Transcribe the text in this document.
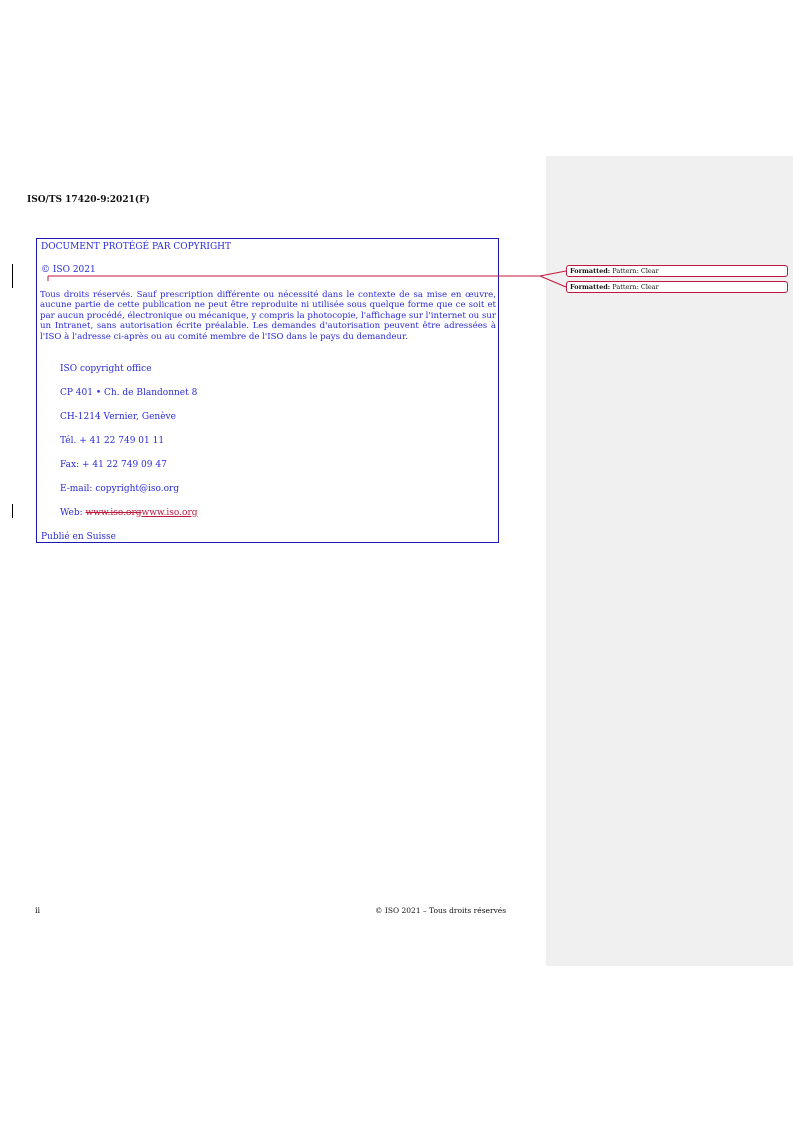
ISO/TS 17420-9:2021(F)
DOCUMENT PROTÉGÉ PAR COPYRIGHT
© ISO 2021
Tous droits réservés. Sauf prescription différente ou nécessité dans le contexte de sa mise en œuvre, aucune partie de cette publication ne peut être reproduite ni utilisée sous quelque forme que ce soit et par aucun procédé, électronique ou mécanique, y compris la photocopie, l'affichage sur l'internet ou sur un Intranet, sans autorisation écrite préalable. Les demandes d'autorisation peuvent être adressées à l'ISO à l'adresse ci-après ou au comité membre de l'ISO dans le pays du demandeur.
ISO copyright office
CP 401 • Ch. de Blandonnet 8
CH-1214 Vernier, Genève
Tél. + 41 22 749 01 11
Fax: + 41 22 749 09 47
E-mail: copyright@iso.org
Web: www.iso.orgwww.iso.org
Publié en Suisse
ii	© ISO 2021 – Tous droits réservés
Formatted: Pattern: Clear
Formatted: Pattern: Clear
